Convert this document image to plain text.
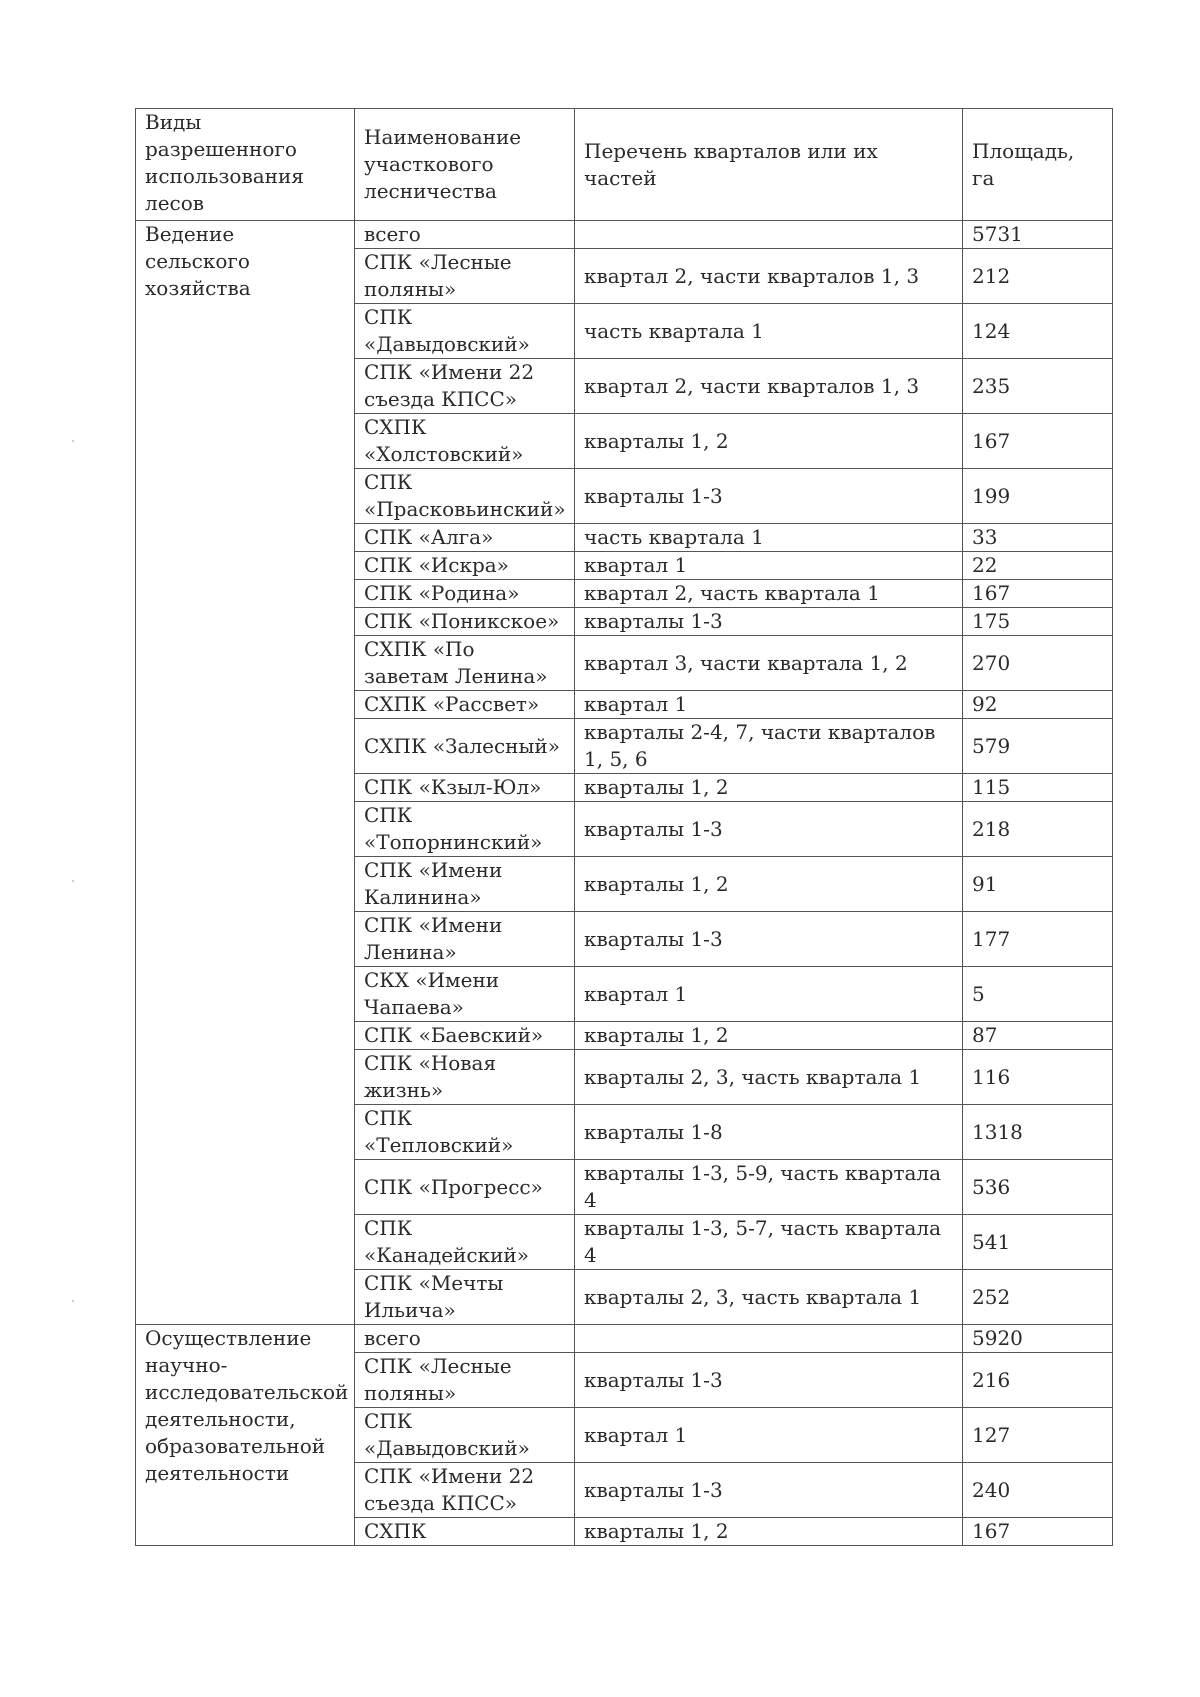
Виды разрешенного использования лесов	Наименование участкового лесничества	Перечень кварталов или их частей	Площадь, га
Ведение сельского хозяйства	всего		5731
	СПК «Лесные поляны»	квартал 2, части кварталов 1, 3	212
	СПК «Давыдовский»	часть квартала 1	124
	СПК «Имени 22 съезда КПСС»	квартал 2, части кварталов 1, 3	235
	СХПК «Холстовский»	кварталы 1, 2	167
	СПК «Прасковьинский»	кварталы 1-3	199
	СПК «Алга»	часть квартала 1	33
	СПК «Искра»	квартал 1	22
	СПК «Родина»	квартал 2, часть квартала 1	167
	СПК «Поникское»	кварталы 1-3	175
	СХПК «По заветам Ленина»	квартал 3, части квартала 1, 2	270
	СХПК «Рассвет»	квартал 1	92
	СХПК «Залесный»	кварталы 2-4, 7, части кварталов 1, 5, 6	579
	СПК «Кзыл-Юл»	кварталы 1, 2	115
	СПК «Топорнинский»	кварталы 1-3	218
	СПК «Имени Калинина»	кварталы 1, 2	91
	СПК «Имени Ленина»	кварталы 1-3	177
	СКХ «Имени Чапаева»	квартал 1	5
	СПК «Баевский»	кварталы 1, 2	87
	СПК «Новая жизнь»	кварталы 2, 3, часть квартала 1	116
	СПК «Тепловский»	кварталы 1-8	1318
	СПК «Прогресс»	кварталы 1-3, 5-9, часть квартала 4	536
	СПК «Канадейский»	кварталы 1-3, 5-7, часть квартала 4	541
	СПК «Мечты Ильича»	кварталы 2, 3, часть квартала 1	252
Осуществление научно-исследовательской деятельности, образовательной деятельности	всего		5920
	СПК «Лесные поляны»	кварталы 1-3	216
	СПК «Давыдовский»	квартал 1	127
	СПК «Имени 22 съезда КПСС»	кварталы 1-3	240
	СХПК	кварталы 1, 2	167
